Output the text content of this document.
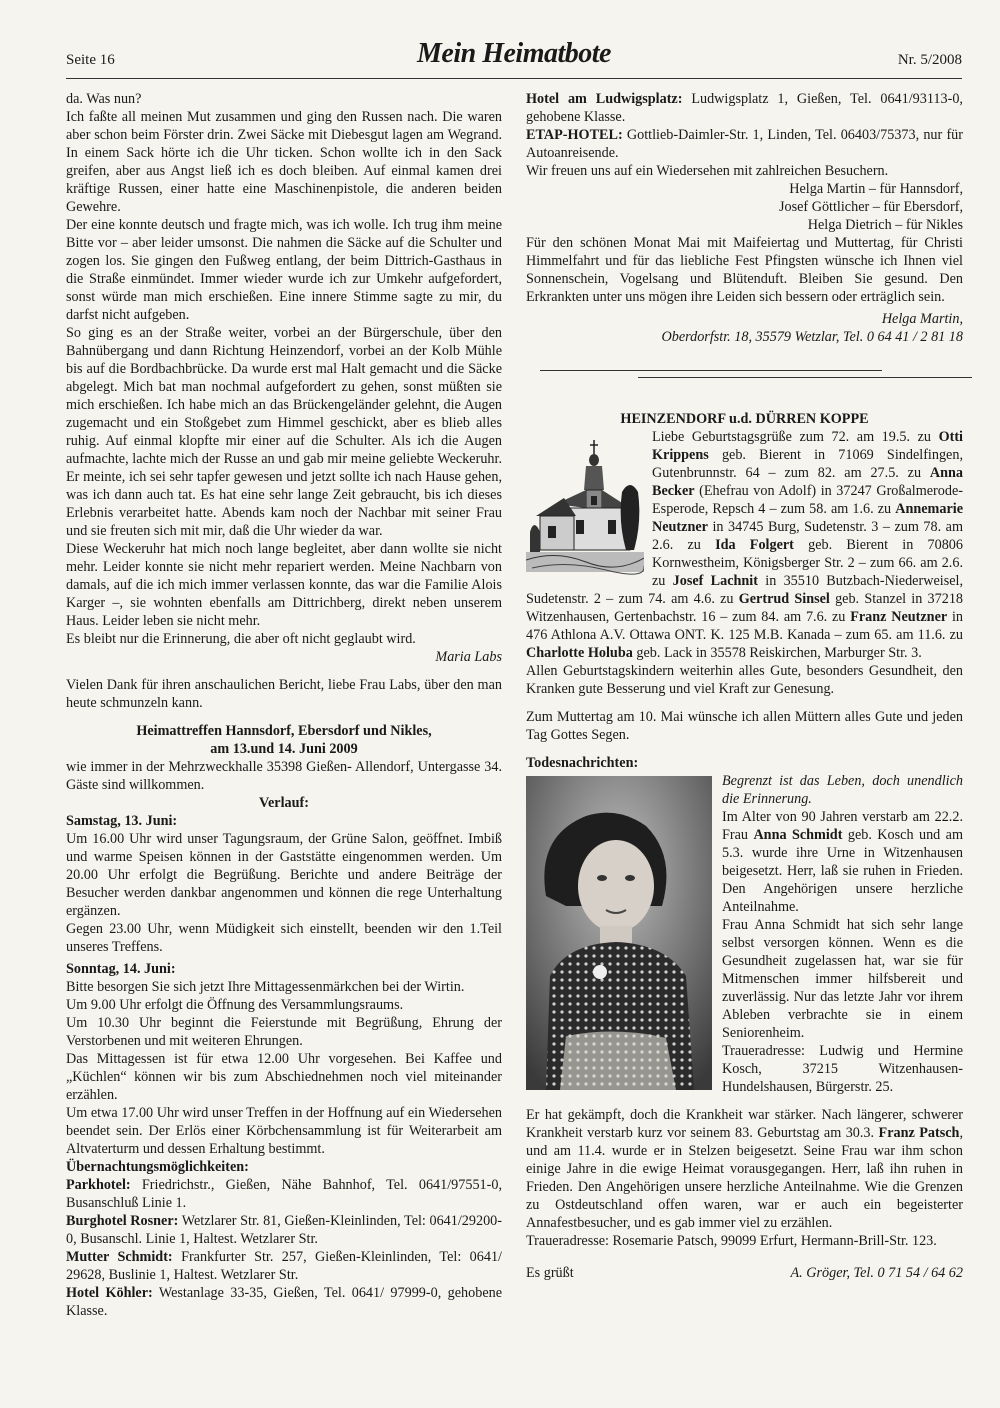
Seite 16	Mein Heimatbote	Nr. 5/2008

da. Was nun?

Ich faßte all meinen Mut zusammen und ging den Russen nach. Die waren aber schon beim Förster drin. Zwei Säcke mit Diebesgut lagen am Wegrand. In einem Sack hörte ich die Uhr ticken. Schon wollte ich in den Sack greifen, aber aus Angst ließ ich es doch bleiben. Auf einmal kamen drei kräftige Russen, einer hatte eine Maschinenpistole, die anderen beiden Gewehre.

Der eine konnte deutsch und fragte mich, was ich wolle. Ich trug ihm meine Bitte vor – aber leider umsonst. Die nahmen die Säcke auf die Schulter und zogen los. Sie gingen den Fußweg entlang, der beim Dittrich-Gasthaus in die Straße einmündet. Immer wieder wurde ich zur Umkehr aufgefordert, sonst würde man mich erschießen. Eine innere Stimme sagte zu mir, du darfst nicht aufgeben.

So ging es an der Straße weiter, vorbei an der Bürgerschule, über den Bahnübergang und dann Richtung Heinzendorf, vorbei an der Kolb Mühle bis auf die Bordbachbrücke. Da wurde erst mal Halt gemacht und die Säcke abgelegt. Mich bat man nochmal aufgefordert zu gehen, sonst müßten sie mich erschießen. Ich habe mich an das Brückengeländer gelehnt, die Augen zugemacht und ein Stoßgebet zum Himmel geschickt, aber es blieb alles ruhig. Auf einmal klopfte mir einer auf die Schulter. Als ich die Augen aufmachte, lachte mich der Russe an und gab mir meine geliebte Weckeruhr. Er meinte, ich sei sehr tapfer gewesen und jetzt sollte ich nach Hause gehen, was ich dann auch tat. Es hat eine sehr lange Zeit gebraucht, bis ich dieses Erlebnis verarbeitet hatte. Abends kam noch der Nachbar mit seiner Frau und sie freuten sich mit mir, daß die Uhr wieder da war.

Diese Weckeruhr hat mich noch lange begleitet, aber dann wollte sie nicht mehr. Leider konnte sie nicht mehr repariert werden. Meine Nachbarn von damals, auf die ich mich immer verlassen konnte, das war die Familie Alois Karger –, sie wohnten ebenfalls am Dittrichberg, direkt neben unserem Haus. Leider leben sie nicht mehr.

Es bleibt nur die Erinnerung, die aber oft nicht geglaubt wird.

Maria Labs

Vielen Dank für ihren anschaulichen Bericht, liebe Frau Labs, über den man heute schmunzeln kann.

Heimattreffen Hannsdorf, Ebersdorf und Nikles,
am 13.und 14. Juni 2009

wie immer in der Mehrzweckhalle 35398 Gießen- Allendorf, Untergasse 34. Gäste sind willkommen.

Verlauf:

Samstag, 13. Juni:

Um 16.00 Uhr wird unser Tagungsraum, der Grüne Salon, geöffnet. Imbiß und warme Speisen können in der Gaststätte eingenommen werden. Um 20.00 Uhr erfolgt die Begrüßung. Berichte und andere Beiträge der Besucher werden dankbar angenommen und können die rege Unterhaltung ergänzen.

Gegen 23.00 Uhr, wenn Müdigkeit sich einstellt, beenden wir den 1.Teil unseres Treffens.

Sonntag, 14. Juni:

Bitte besorgen Sie sich jetzt Ihre Mittagessenmärkchen bei der Wirtin.

Um 9.00 Uhr erfolgt die Öffnung des Versammlungsraums.

Um 10.30 Uhr beginnt die Feierstunde mit Begrüßung, Ehrung der Verstorbenen und mit weiteren Ehrungen.

Das Mittagessen ist für etwa 12.00 Uhr vorgesehen. Bei Kaffee und „Küchlen“ können wir bis zum Abschiednehmen noch viel miteinander erzählen.

Um etwa 17.00 Uhr wird unser Treffen in der Hoffnung auf ein Wiedersehen beendet sein. Der Erlös einer Körbchensammlung ist für Weiterarbeit am Altvaterturm und dessen Erhaltung bestimmt.

Übernachtungsmöglichkeiten:

Parkhotel: Friedrichstr., Gießen, Nähe Bahnhof, Tel. 0641/97551-0, Busanschluß Linie 1.

Burghotel Rosner: Wetzlarer Str. 81, Gießen-Kleinlinden, Tel: 0641/29200-0, Busanschl. Linie 1, Haltest. Wetzlarer Str.

Mutter Schmidt: Frankfurter Str. 257, Gießen-Kleinlinden, Tel: 0641/ 29628, Buslinie 1, Haltest. Wetzlarer Str.

Hotel Köhler: Westanlage 33-35, Gießen, Tel. 0641/ 97999-0, gehobene Klasse.

Hotel am Ludwigsplatz: Ludwigsplatz 1, Gießen, Tel. 0641/93113-0, gehobene Klasse.

ETAP-HOTEL: Gottlieb-Daimler-Str. 1, Linden, Tel. 06403/75373, nur für Autoanreisende.

Wir freuen uns auf ein Wiedersehen mit zahlreichen Besuchern.

Helga Martin – für Hannsdorf,

Josef Göttlicher – für Ebersdorf,

Helga Dietrich – für Nikles

Für den schönen Monat Mai mit Maifeiertag und Muttertag, für Christi Himmelfahrt und für das liebliche Fest Pfingsten wünsche ich Ihnen viel Sonnenschein, Vogelsang und Blütenduft. Bleiben Sie gesund. Den Erkrankten unter uns mögen ihre Leiden sich bessern oder erträglich sein.

Helga Martin,

Oberdorfstr. 18, 35579 Wetzlar, Tel. 0 64 41 / 2 81 18

HEINZENDORF u.d. DÜRREN KOPPE

Liebe Geburtstagsgrüße zum 72. am 19.5. zu Otti Krippens geb. Bierent in 71069 Sindelfingen, Gutenbrunnstr. 64 – zum 82. am 27.5. zu Anna Becker (Ehefrau von Adolf) in 37247 Großalmerode-Esperode, Repsch 4 – zum 58. am 1.6. zu Annemarie Neutzner in 34745 Burg, Sudetenstr. 3 – zum 78. am 2.6. zu Ida Folgert geb. Bierent in 70806 Kornwestheim, Königsberger Str. 2 – zum 66. am 2.6. zu Josef Lachnit in 35510 Butzbach-Niederweisel, Sudetenstr. 2 – zum 74. am 4.6. zu Gertrud Sinsel geb. Stanzel in 37218 Witzenhausen, Gertenbachstr. 16 – zum 84. am 7.6. zu Franz Neutzner in 476 Athlona A.V. Ottawa ONT. K. 125 M.B. Kanada – zum 65. am 11.6. zu Charlotte Holuba geb. Lack in 35578 Reiskirchen, Marburger Str. 3.

Allen Geburtstagskindern weiterhin alles Gute, besonders Gesundheit, den Kranken gute Besserung und viel Kraft zur Genesung.

Zum Muttertag am 10. Mai wünsche ich allen Müttern alles Gute und jeden Tag Gottes Segen.

Todesnachrichten:

Begrenzt ist das Leben, doch unendlich die Erinnerung.

Im Alter von 90 Jahren verstarb am 22.2. Frau Anna Schmidt geb. Kosch und am 5.3. wurde ihre Urne in Witzenhausen beigesetzt. Herr, laß sie ruhen in Frieden. Den Angehörigen unsere herzliche Anteilnahme.

Frau Anna Schmidt hat sich sehr lange selbst versorgen können. Wenn es die Gesundheit zugelassen hat, war sie für Mitmenschen immer hilfsbereit und zuverlässig. Nur das letzte Jahr vor ihrem Ableben verbrachte sie in einem Seniorenheim.

Traueradresse: Ludwig und Hermine Kosch, 37215 Witzenhausen-Hundelshausen, Bürgerstr. 25.

Er hat gekämpft, doch die Krankheit war stärker. Nach längerer, schwerer Krankheit verstarb kurz vor seinem 83. Geburtstag am 30.3. Franz Patsch, und am 11.4. wurde er in Stelzen beigesetzt. Seine Frau war ihm schon einige Jahre in die ewige Heimat vorausgegangen. Herr, laß ihn ruhen in Frieden. Den Angehörigen unsere herzliche Anteilnahme. Wie die Grenzen zu Ostdeutschland offen waren, war er auch ein begeisterter Annafestbesucher, und es gab immer viel zu erzählen.

Traueradresse: Rosemarie Patsch, 99099 Erfurt, Hermann-Brill-Str. 123.

Es grüßt	A. Gröger, Tel. 0 71 54 / 64 62
